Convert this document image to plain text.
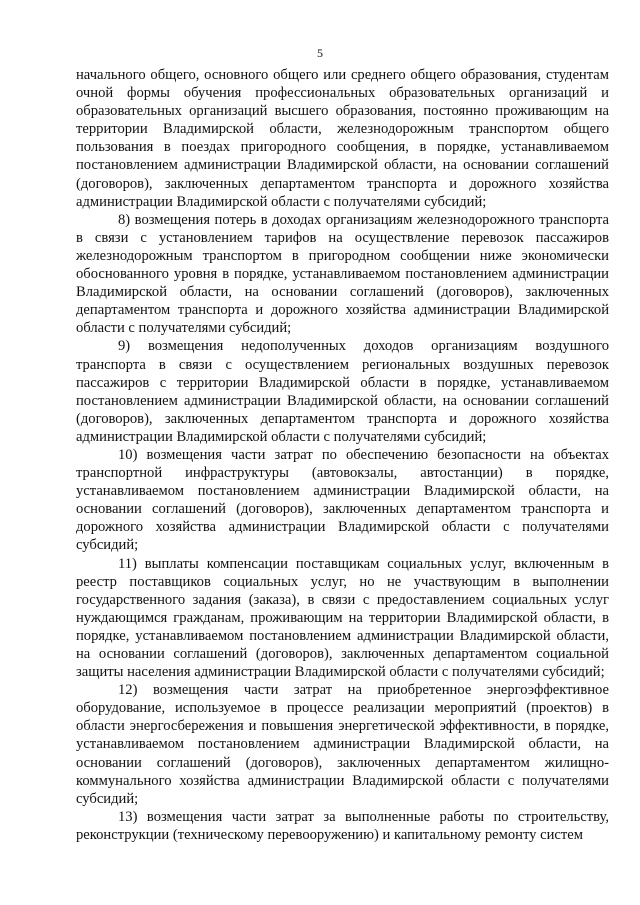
5

начального общего, основного общего или среднего общего образования, студентам очной формы обучения профессиональных образовательных организаций и образовательных организаций высшего образования, постоянно проживающим на территории Владимирской области, железнодорожным транспортом общего пользования в поездах пригородного сообщения, в порядке, устанавливаемом постановлением администрации Владимирской области, на основании соглашений (договоров), заключенных департаментом транспорта и дорожного хозяйства администрации Владимирской области с получателями субсидий;

8) возмещения потерь в доходах организациям железнодорожного транспорта в связи с установлением тарифов на осуществление перевозок пассажиров железнодорожным транспортом в пригородном сообщении ниже экономически обоснованного уровня в порядке, устанавливаемом постановлением администрации Владимирской области, на основании соглашений (договоров), заключенных департаментом транспорта и дорожного хозяйства администрации Владимирской области с получателями субсидий;

9) возмещения недополученных доходов организациям воздушного транспорта в связи с осуществлением региональных воздушных перевозок пассажиров с территории Владимирской области в порядке, устанавливаемом постановлением администрации Владимирской области, на основании соглашений (договоров), заключенных департаментом транспорта и дорожного хозяйства администрации Владимирской области с получателями субсидий;

10) возмещения части затрат по обеспечению безопасности на объектах транспортной инфраструктуры (автовокзалы, автостанции) в порядке, устанавливаемом постановлением администрации Владимирской области, на основании соглашений (договоров), заключенных департаментом транспорта и дорожного хозяйства администрации Владимирской области с получателями субсидий;

11) выплаты компенсации поставщикам социальных услуг, включенным в реестр поставщиков социальных услуг, но не участвующим в выполнении государственного задания (заказа), в связи с предоставлением социальных услуг нуждающимся гражданам, проживающим на территории Владимирской области, в порядке, устанавливаемом постановлением администрации Владимирской области, на основании соглашений (договоров), заключенных департаментом социальной защиты населения администрации Владимирской области с получателями субсидий;

12) возмещения части затрат на приобретенное энергоэффективное оборудование, используемое в процессе реализации мероприятий (проектов) в области энергосбережения и повышения энергетической эффективности, в порядке, устанавливаемом постановлением администрации Владимирской области, на основании соглашений (договоров), заключенных департаментом жилищно-коммунального хозяйства администрации Владимирской области с получателями субсидий;

13) возмещения части затрат за выполненные работы по строительству, реконструкции (техническому перевооружению) и капитальному ремонту систем
